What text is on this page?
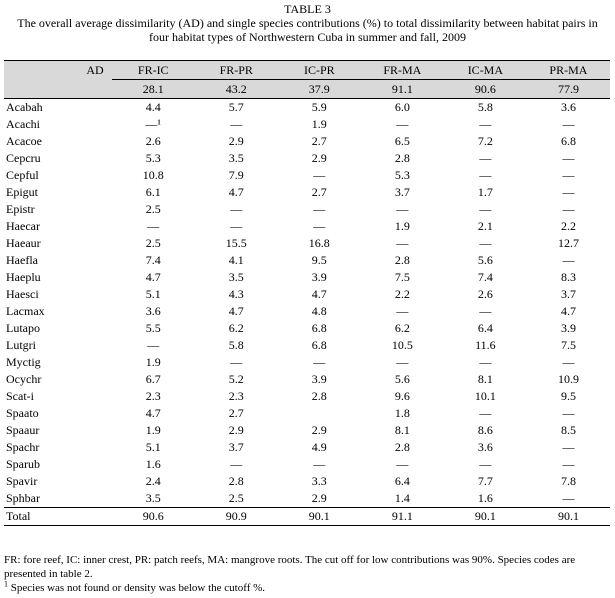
TABLE 3
The overall average dissimilarity (AD) and single species contributions (%) to total dissimilarity between habitat pairs in four habitat types of Northwestern Cuba in summer and fall, 2009
AD	FR-IC	FR-PR	IC-PR	FR-MA	IC-MA	PR-MA
	28.1	43.2	37.9	91.1	90.6	77.9
Acabah	4.4	5.7	5.9	6.0	5.8	3.6
Acachi	—¹	—	1.9	—	—	—
Acacoe	2.6	2.9	2.7	6.5	7.2	6.8
Cepcru	5.3	3.5	2.9	2.8	—	—
Cepful	10.8	7.9	—	5.3	—	—
Epigut	6.1	4.7	2.7	3.7	1.7	—
Epistr	2.5	—	—	—	—	—
Haecar	—	—	—	1.9	2.1	2.2
Haeaur	2.5	15.5	16.8	—	—	12.7
Haefla	7.4	4.1	9.5	2.8	5.6	—
Haeplu	4.7	3.5	3.9	7.5	7.4	8.3
Haesci	5.1	4.3	4.7	2.2	2.6	3.7
Lacmax	3.6	4.7	4.8	—	—	4.7
Lutapo	5.5	6.2	6.8	6.2	6.4	3.9
Lutgri	—	5.8	6.8	10.5	11.6	7.5
Myctig	1.9	—	—	—	—	—
Ocychr	6.7	5.2	3.9	5.6	8.1	10.9
Scat-i	2.3	2.3	2.8	9.6	10.1	9.5
Spaato	4.7	2.7		1.8	—	—
Spaaur	1.9	2.9	2.9	8.1	8.6	8.5
Spachr	5.1	3.7	4.9	2.8	3.6	—
Sparub	1.6	—	—	—	—	—
Spavir	2.4	2.8	3.3	6.4	7.7	7.8
Sphbar	3.5	2.5	2.9	1.4	1.6	—
Total	90.6	90.9	90.1	91.1	90.1	90.1
FR: fore reef, IC: inner crest, PR: patch reefs, MA: mangrove roots. The cut off for low contributions was 90%. Species codes are presented in table 2.
$^1$ Species was not found or density was below the cutoff %.
